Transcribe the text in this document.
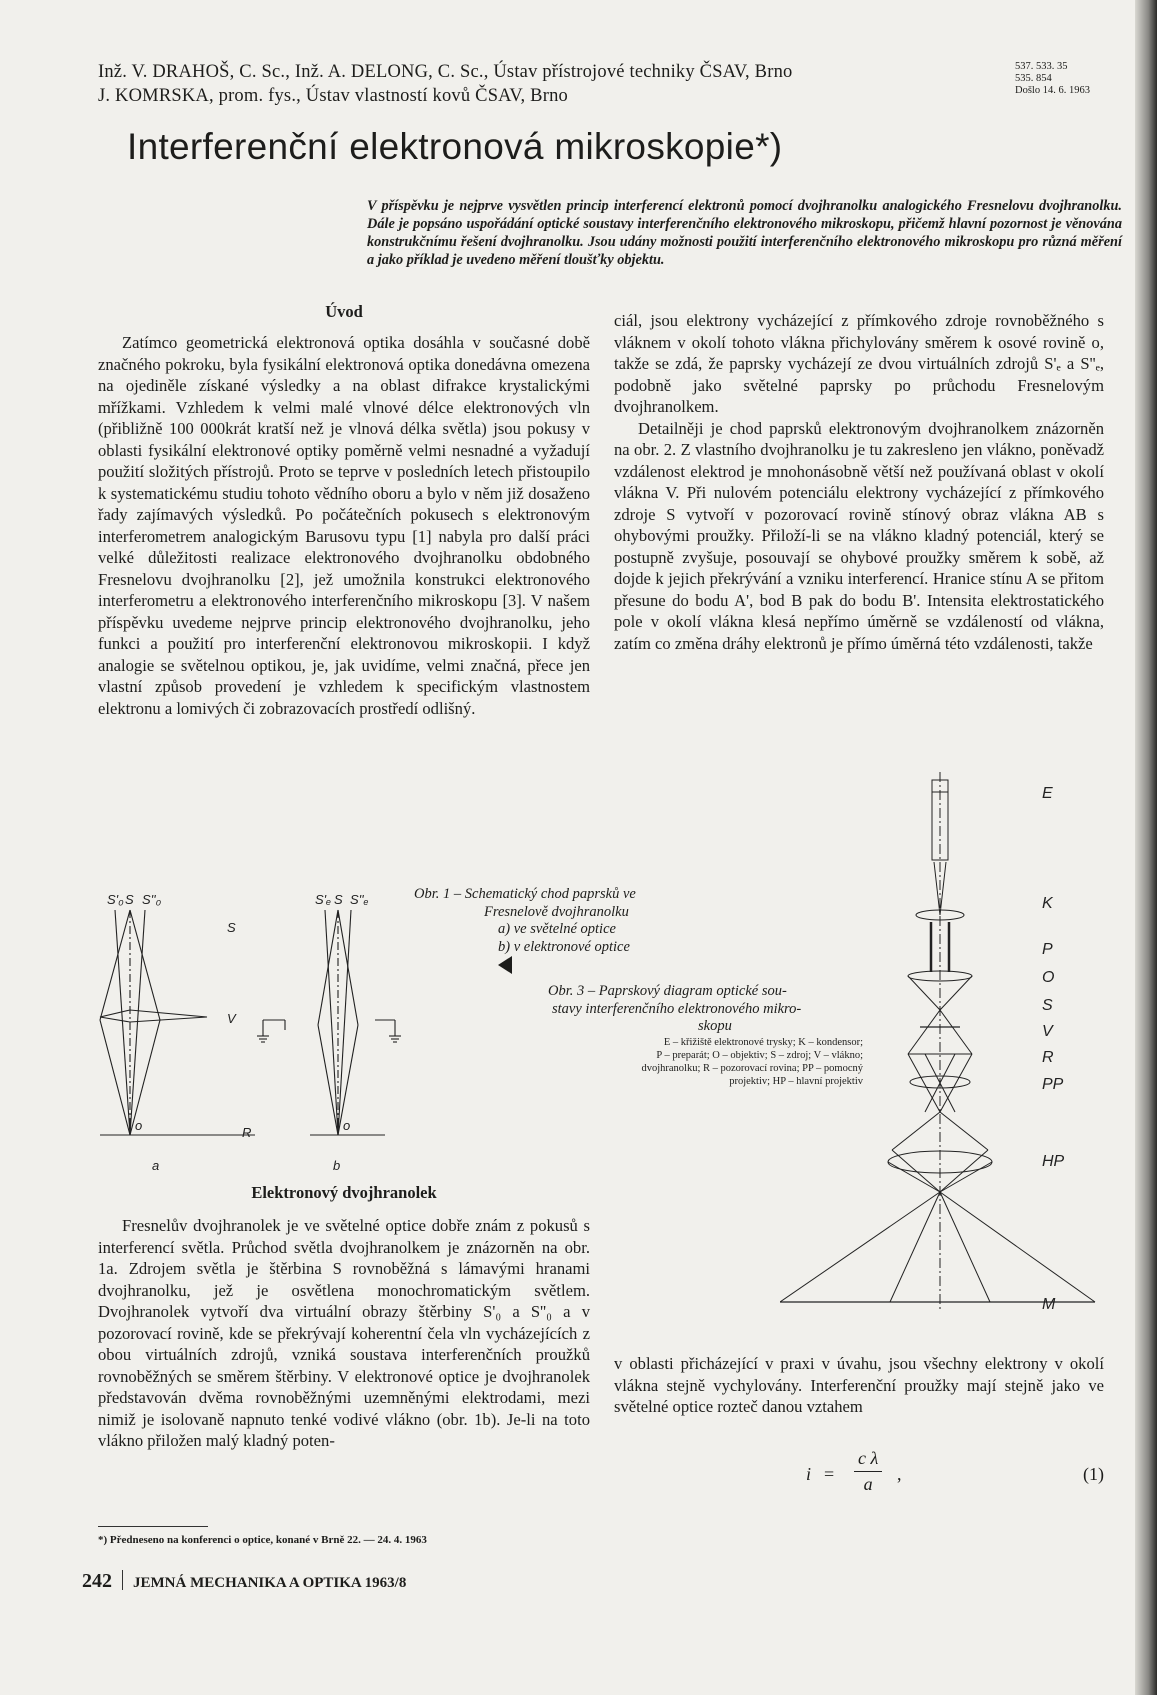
Inž. V. DRAHOŠ, C. Sc., Inž. A. DELONG, C. Sc., Ústav přístrojové techniky ČSAV, Brno
J. KOMRSKA, prom. fys., Ústav vlastností kovů ČSAV, Brno
537. 533. 35
535. 854
Došlo 14. 6. 1963
Interferenční elektronová mikroskopie*)
V příspěvku je nejprve vysvětlen princip interferencí elektronů pomocí dvojhranolku analogického Fresnelovu dvojhranolku. Dále je popsáno uspořádání optické soustavy interferenčního elektronového mikroskopu, přičemž hlavní pozornost je věnována konstrukčnímu řešení dvojhranolku. Jsou udány možnosti použití interferenčního elektronového mikroskopu pro různá měření a jako příklad je uvedeno měření tloušťky objektu.
Úvod

Zatímco geometrická elektronová optika dosáhla v současné době značného pokroku, byla fysikální elektronová optika donedávna omezena na ojediněle získané výsledky a na oblast difrakce krystalickými mřížkami. Vzhledem k velmi malé vlnové délce elektronových vln (přibližně 100 000krát kratší než je vlnová délka světla) jsou pokusy v oblasti fysikální elektronové optiky poměrně velmi nesnadné a vyžadují použití složitých přístrojů. Proto se teprve v posledních letech přistoupilo k systematickému studiu tohoto vědního oboru a bylo v něm již dosaženo řady zajímavých výsledků. Po počátečních pokusech s elektronovým interferometrem analogickým Barusovu typu [1] nabyla pro další práci velké důležitosti realizace elektronového dvojhranolku obdobného Fresnelovu dvojhranolku [2], jež umožnila konstrukci elektronového interferometru a elektronového interferenčního mikroskopu [3]. V našem příspěvku uvedeme nejprve princip elektronového dvojhranolku, jeho funkci a použití pro interferenční elektronovou mikroskopii. I když analogie se světelnou optikou, je, jak uvidíme, velmi značná, přece jen vlastní způsob provedení je vzhledem k specifickým vlastnostem elektronu a lomivých či zobrazovacích prostředí odlišný.

S'₀ S S''₀
S
S'ₑ S S''ₑ
V
R
o	o
a	b
Obr. 1 – Schematický chod paprsků ve
Fresnelově dvojhranolku
a) ve světelné optice
b) v elektronové optice
Obr. 3 – Paprskový diagram optické sou-
stavy interferenčního elektronového mikro-
skopu
E – křižiště elektronové trysky; K – kondensor;
P – preparát; O – objektiv; S – zdroj; V – vlákno;
dvojhranolku; R – pozorovací rovina; PP – pomocný
projektiv; HP – hlavní projektiv
Elektronový dvojhranolek

Fresnelův dvojhranolek je ve světelné optice dobře znám z pokusů s interferencí světla. Průchod světla dvojhranolkem je znázorněn na obr. 1a. Zdrojem světla je štěrbina S rovnoběžná s lámavými hranami dvojhranolku, jež je osvětlena monochromatickým světlem. Dvojhranolek vytvoří dva virtuální obrazy štěrbiny S'₀ a S''₀ a v pozorovací rovině, kde se překrývají koherentní čela vln vycházejících z obou virtuálních zdrojů, vzniká soustava interferenčních proužků rovnoběžných se směrem štěrbiny. V elektronové optice je dvojhranolek představován dvěma rovnoběžnými uzemněnými elektrodami, mezi nimiž je isolovaně napnuto tenké vodivé vlákno (obr. 1b). Je-li na toto vlákno přiložen malý kladný poten-

ciál, jsou elektrony vycházející z přímkového zdroje rovnoběžného s vláknem v okolí tohoto vlákna přichylovány směrem k osové rovině o, takže se zdá, že paprsky vycházejí ze dvou virtuálních zdrojů S'ₑ a S''ₑ, podobně jako světelné paprsky po průchodu Fresnelovým dvojhranolkem.

Detailněji je chod paprsků elektronovým dvojhranolkem znázorněn na obr. 2. Z vlastního dvojhranolku je tu zakresleno jen vlákno, poněvadž vzdálenost elektrod je mnohonásobně větší než používaná oblast v okolí vlákna V. Při nulovém potenciálu elektrony vycházející z přímkového zdroje S vytvoří v pozorovací rovině stínový obraz vlákna AB s ohybovými proužky. Přiloží-li se na vlákno kladný potenciál, který se postupně zvyšuje, posouvají se ohybové proužky směrem k sobě, až dojde k jejich překrývání a vzniku interferencí. Hranice stínu A se přitom přesune do bodu A', bod B pak do bodu B'. Intensita elektrostatického pole v okolí vlákna klesá nepřímo úměrně se vzdáleností od vlákna, zatím co změna dráhy elektronů je přímo úměrná této vzdálenosti, takže

E
K
P
O
S
V
R
PP
HP
M

v oblasti přicházející v praxi v úvahu, jsou všechny elektrony v okolí vlákna stejně vychylovány. Interferenční proužky mají stejně jako ve světelné optice rozteč danou vztahem

$i = \frac{\text{c λ}}{a}$ ,	(1)
*) Předneseno na konferenci o optice, konané v Brně 22. — 24. 4. 1963
242 JEMNÁ MECHANIKA A OPTIKA 1963/8
